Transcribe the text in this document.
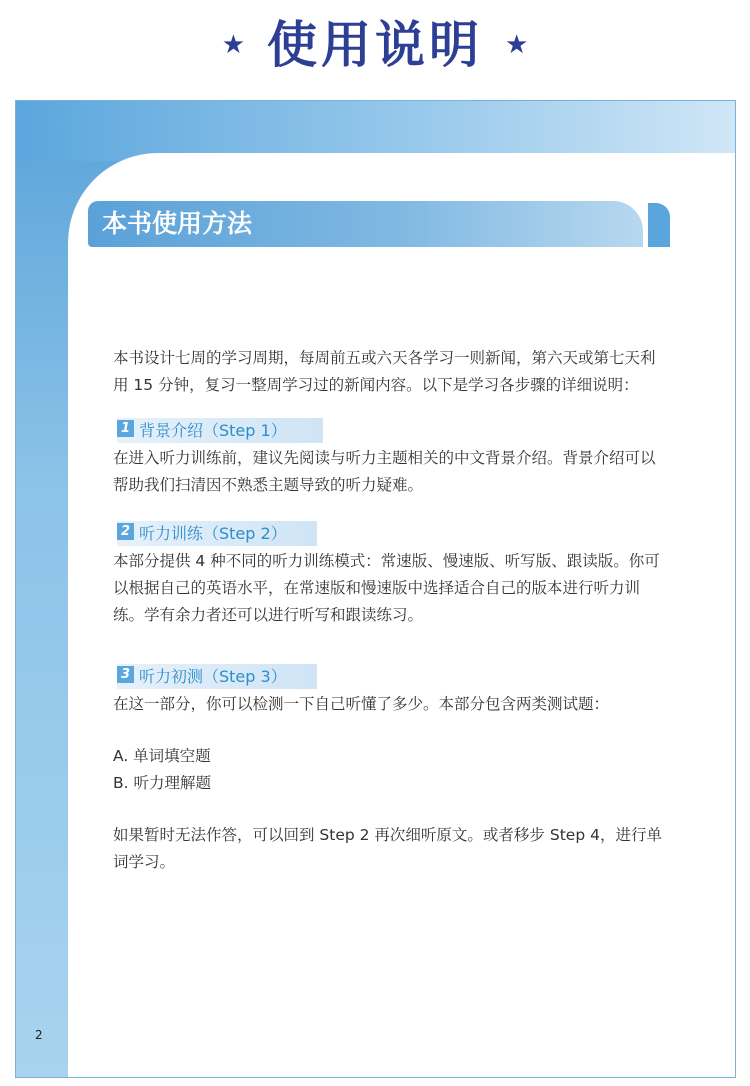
★ 使用说明 ★
本书使用方法

本书设计七周的学习周期，每周前五或六天各学习一则新闻，第六天或第七天利用 15 分钟，复习一整周学习过的新闻内容。以下是学习各步骤的详细说明：

1 背景介绍（Step 1）

在进入听力训练前，建议先阅读与听力主题相关的中文背景介绍。背景介绍可以帮助我们扫清因不熟悉主题导致的听力疑难。

2 听力训练（Step 2）

本部分提供 4 种不同的听力训练模式：常速版、慢速版、听写版、跟读版。你可以根据自己的英语水平，在常速版和慢速版中选择适合自己的版本进行听力训练。学有余力者还可以进行听写和跟读练习。

3 听力初测（Step 3）

在这一部分，你可以检测一下自己听懂了多少。本部分包含两类测试题：

A. 单词填空题

B. 听力理解题

如果暂时无法作答，可以回到 Step 2 再次细听原文。或者移步 Step 4，进行单词学习。

2
